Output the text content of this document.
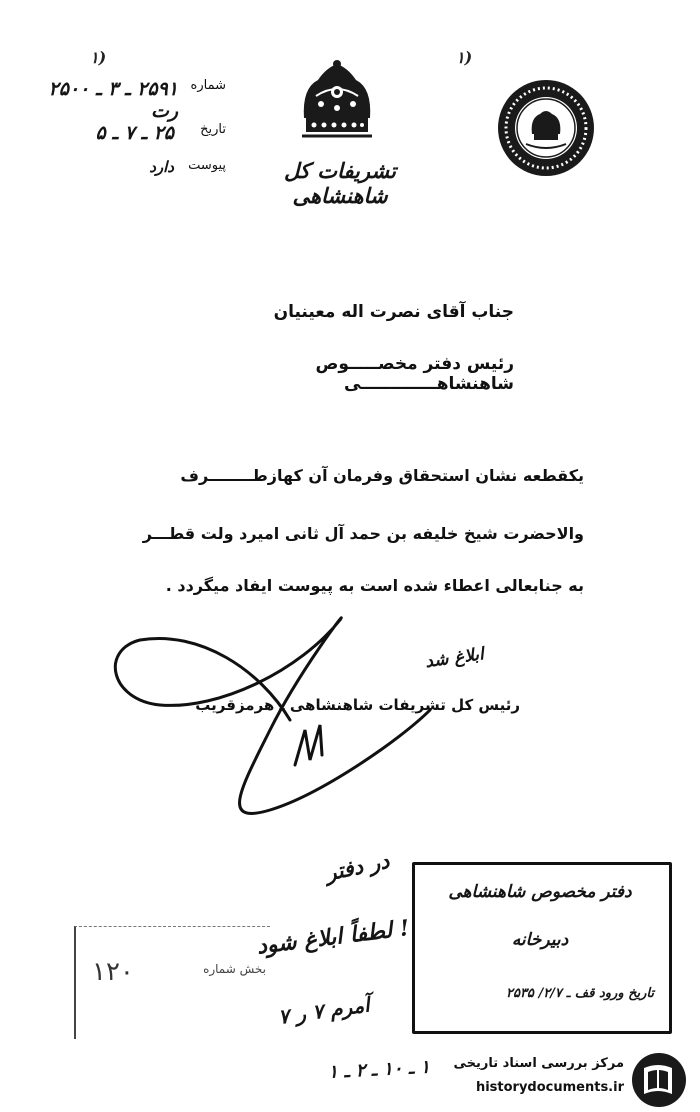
۱)	۱)
تشریفات کل شاهنشاهی
شماره
۲۵۹۱ ـ ۳ ـ ۲۵۰۰ رت
تاریخ
۲۵ ـ ۷ ـ ۵
پیوست
دارد
جناب آقای نصرت اله معینیان
رئیس دفتر مخصـــــوص شاهنشاهـــــــــــــی
یکقطعه نشان استحقاق وفرمان آن کهازطــــــــرف
والاحضرت شیخ خلیفه بن حمد آل ثانی امیرد ولت قطـــر
به جنابعالی اعطاء شده است به پیوست ایفاد میگردد .
ابلاغ شد
رئیس کل تشریفات شاهنشاهی ـ هرمزقریب
در دفتر
بخش شماره
۱۲۰
! لطفاً ابلاغ شود
آمرم ۷ ر ۷
۱ ـ ۱۰ ـ ۲ ـ ۱
دفتر مخصوص شاهنشاهی
دبیرخانه
تاریخ ورود قف ـ ۲/۷/ ۲۵۳۵
مرکز بررسی اسناد تاریخی
historydocuments.ir
